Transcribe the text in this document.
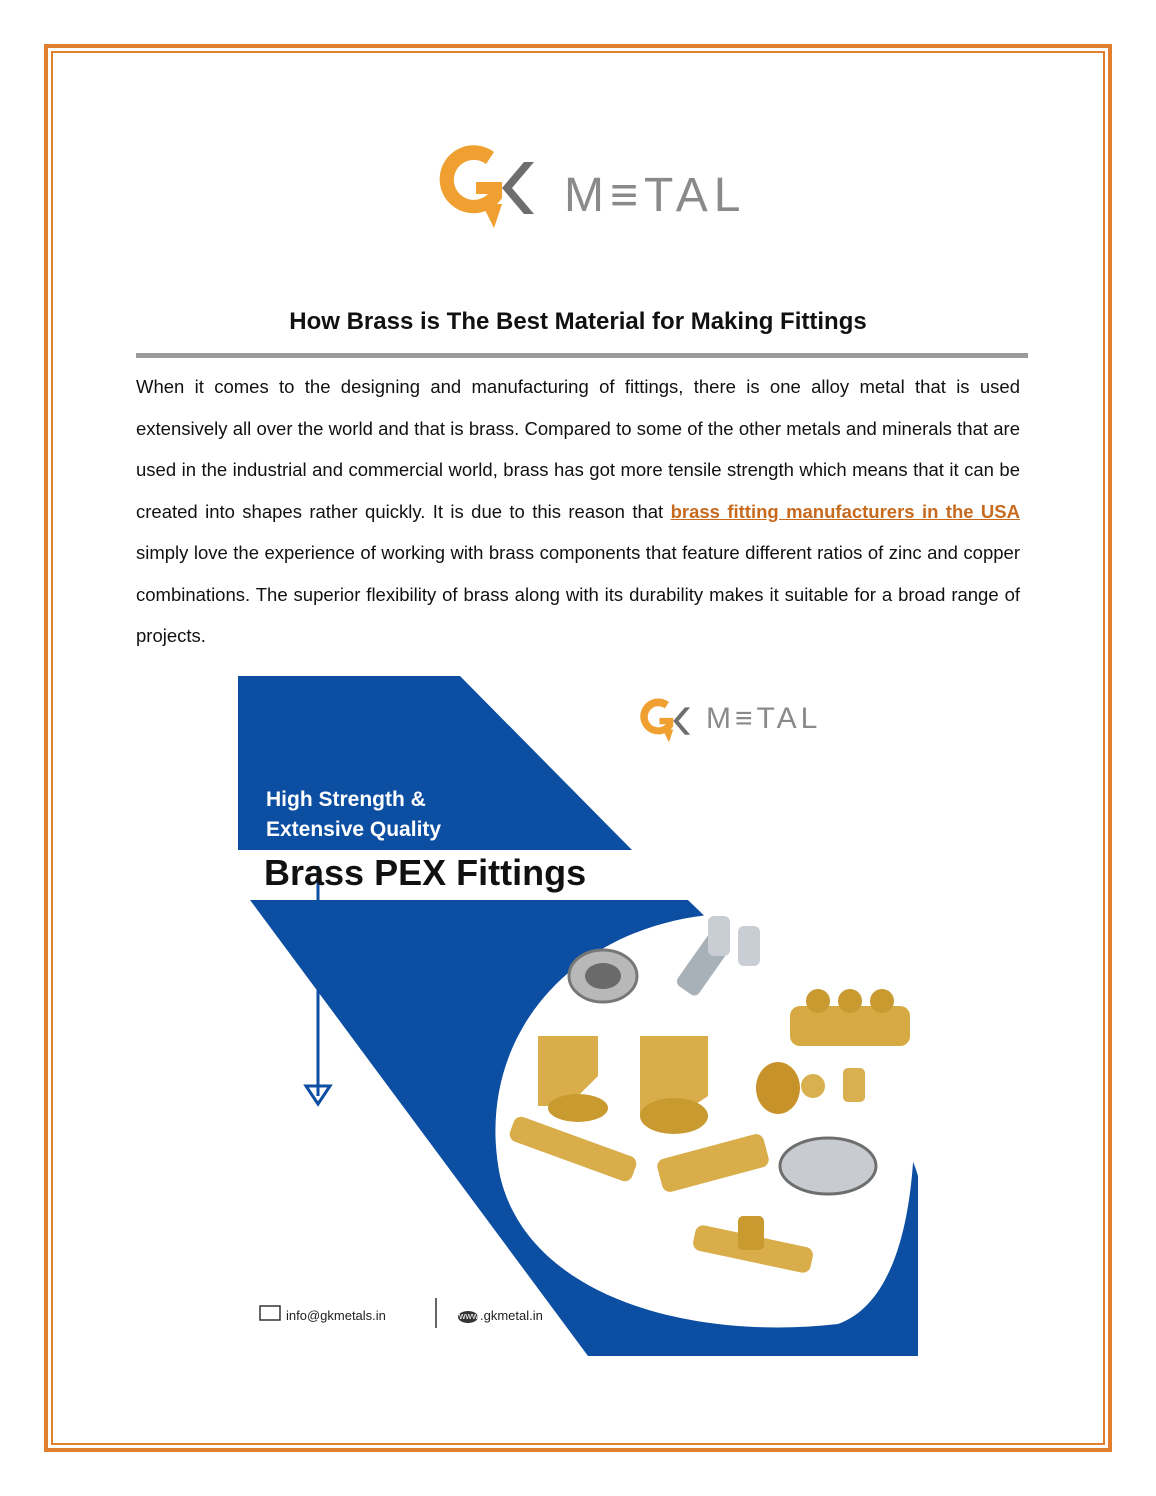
M≡TAL
How Brass is The Best Material for Making Fittings
When it comes to the designing and manufacturing of fittings, there is one alloy metal that is used extensively all over the world and that is brass. Compared to some of the other metals and minerals that are used in the industrial and commercial world, brass has got more tensile strength which means that it can be created into shapes rather quickly. It is due to this reason that brass fitting manufacturers in the USA simply love the experience of working with brass components that feature different ratios of zinc and copper combinations. The superior flexibility of brass along with its durability makes it suitable for a broad range of projects.
M≡TAL
High Strength &
Extensive Quality
Brass PEX Fittings
info@gkmetals.in	www .gkmetal.in
